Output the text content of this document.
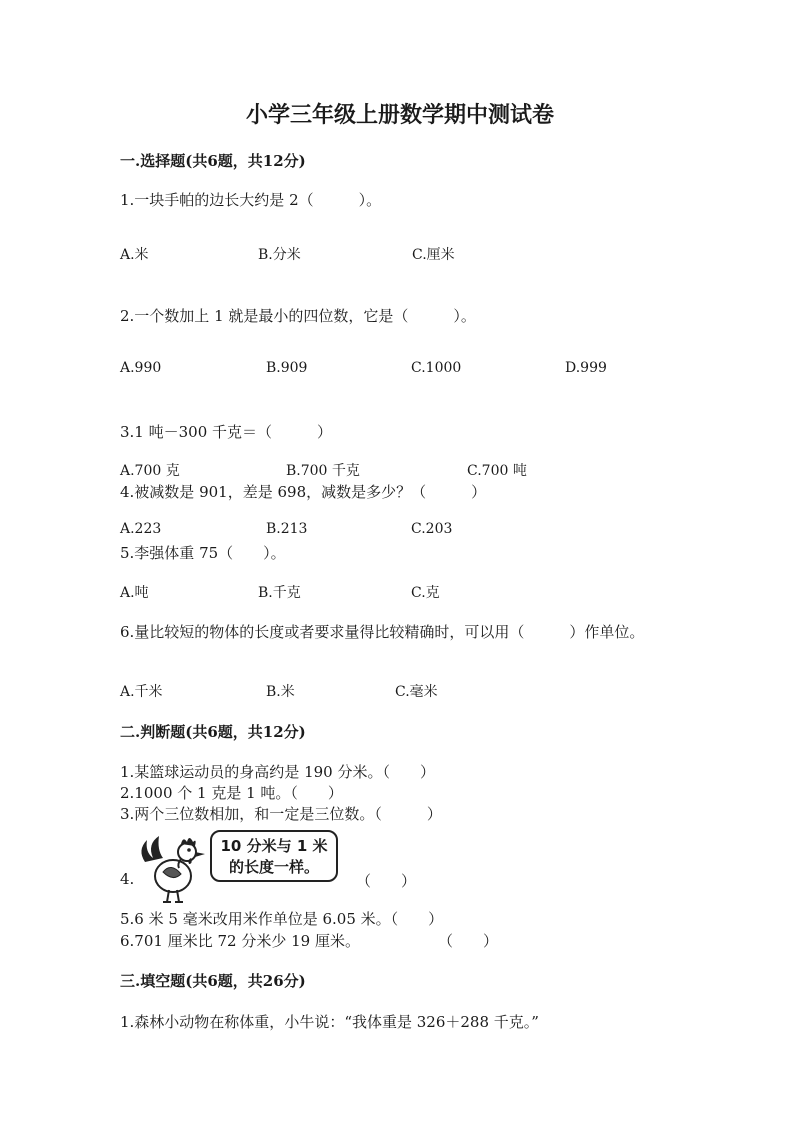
小学三年级上册数学期中测试卷
一.选择题(共6题，共12分)
1.一块手帕的边长大约是 2（　　　）。
A.米	B.分米	C.厘米
2.一个数加上 1 就是最小的四位数，它是（　　　）。
A.990	B.909	C.1000	D.999
3.1 吨－300 千克＝（　　　）
A.700 克	B.700 千克	C.700 吨
4.被减数是 901，差是 698，减数是多少？（　　　）
A.223	B.213	C.203
5.李强体重 75（　　）。
A.吨	B.千克	C.克
6.量比较短的物体的长度或者要求量得比较精确时，可以用（　　　）作单位。
A.千米	B.米	C.毫米
二.判断题(共6题，共12分)
1.某篮球运动员的身高约是 190 分米。（　　）
2.1000 个 1 克是 1 吨。（　　）
3.两个三位数相加，和一定是三位数。（　　　）
4.
10 分米与 1 米
的长度一样。
（　　）
5.6 米 5 毫米改用米作单位是 6.05 米。（　　）
6.701 厘米比 72 分米少 19 厘米。	（　　）
三.填空题(共6题，共26分)
1.森林小动物在称体重，小牛说：“我体重是 326＋288 千克。”
